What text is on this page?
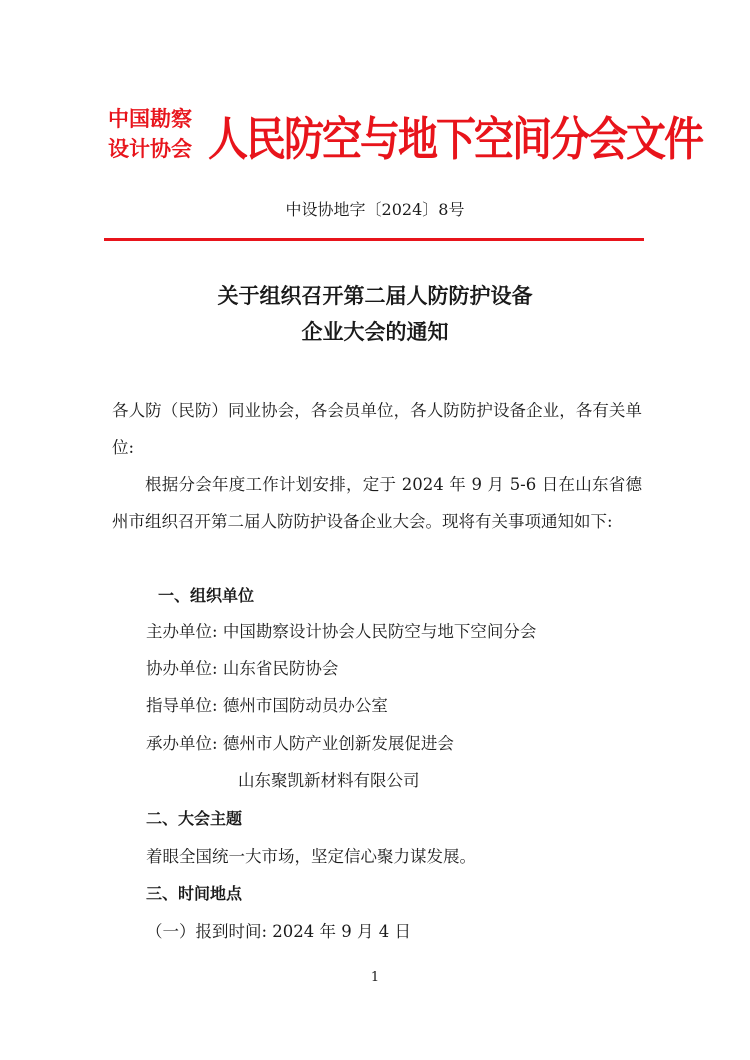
中国勘察
设计协会 人民防空与地下空间分会文件
中设协地字〔2024〕8号
关于组织召开第二届人防防护设备
企业大会的通知
各人防（民防）同业协会，各会员单位，各人防防护设备企业，各有关单位:
根据分会年度工作计划安排，定于 2024 年 9 月 5-6 日在山东省德州市组织召开第二届人防防护设备企业大会。现将有关事项通知如下:
一、组织单位
主办单位: 中国勘察设计协会人民防空与地下空间分会
协办单位: 山东省民防协会
指导单位: 德州市国防动员办公室
承办单位: 德州市人防产业创新发展促进会
山东聚凯新材料有限公司
二、大会主题
着眼全国统一大市场，坚定信心聚力谋发展。
三、时间地点
（一）报到时间: 2024 年 9 月 4 日
1
